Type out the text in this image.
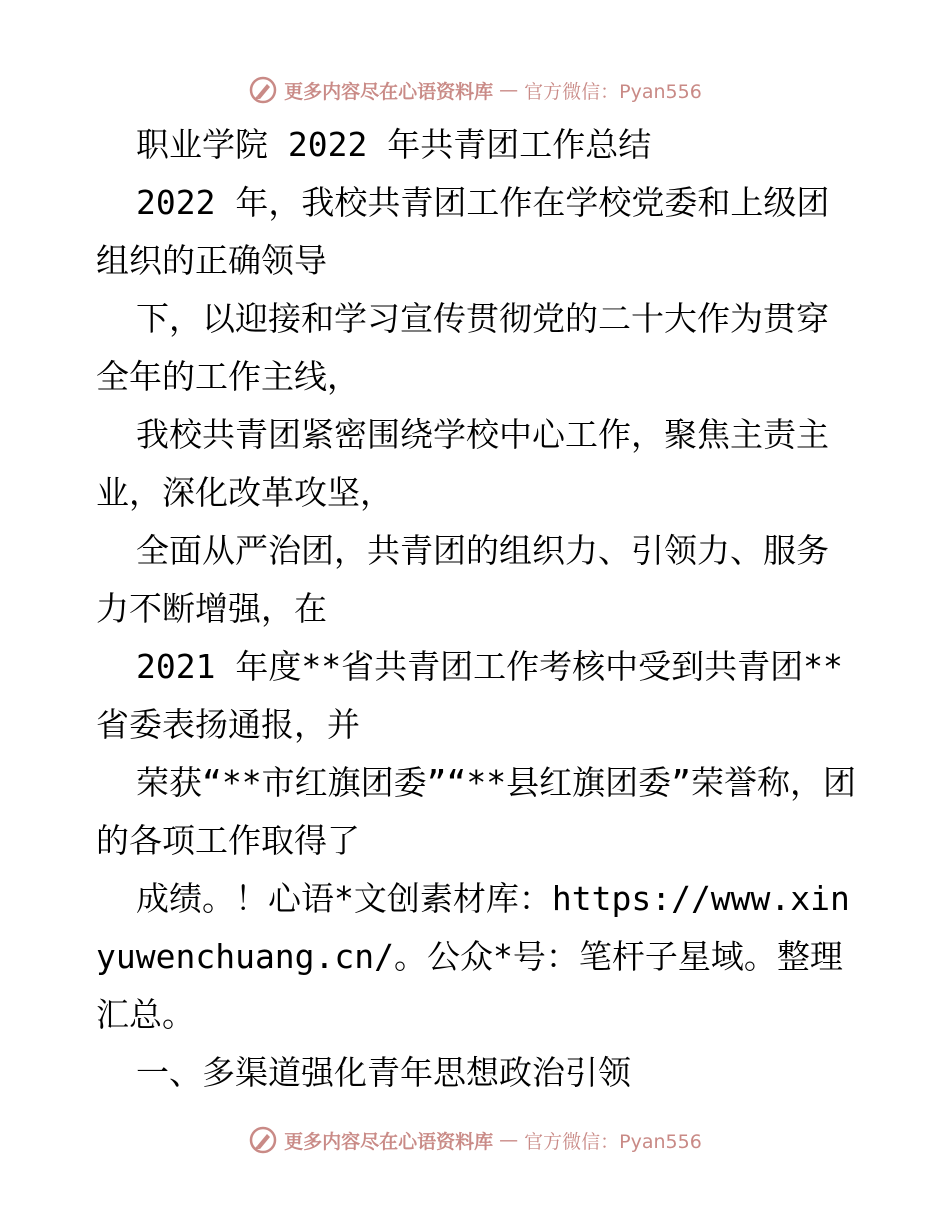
更多内容尽在心语资料库 — 官方微信：Pyan556

职业学院 2022 年共青团工作总结

2022 年，我校共青团工作在学校党委和上级团组织的正确领导

下，以迎接和学习宣传贯彻党的二十大作为贯穿全年的工作主线，

我校共青团紧密围绕学校中心工作，聚焦主责主业，深化改革攻坚，

全面从严治团，共青团的组织力、引领力、服务力不断增强，在

2021 年度**省共青团工作考核中受到共青团**省委表扬通报，并

荣获“**市红旗团委”“**县红旗团委”荣誉称，团的各项工作取得了

成绩。！心语*文创素材库：https://www.xinyuwenchuang.cn/。公众*号：笔杆子星域。整理汇总。

一、多渠道强化青年思想政治引领

更多内容尽在心语资料库 — 官方微信：Pyan556
